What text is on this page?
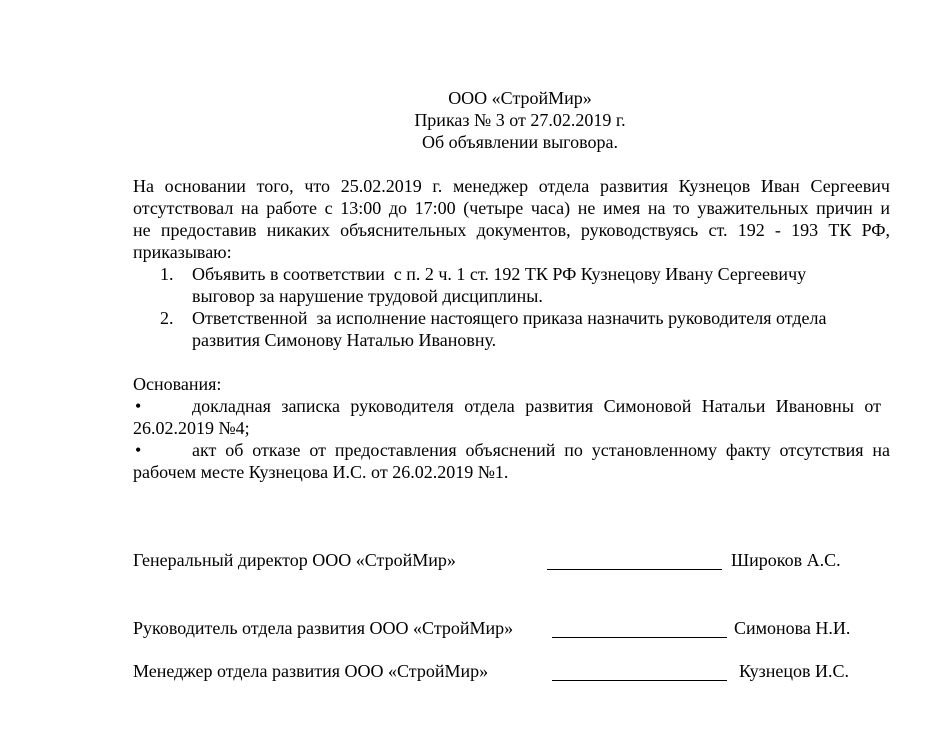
ООО «СтройМир»
Приказ № 3 от 27.02.2019 г.
Об объявлении выговора.
На основании того, что 25.02.2019 г. менеджер отдела развития Кузнецов Иван Сергеевич
отсутствовал на работе с 13:00 до 17:00 (четыре часа) не имея на то уважительных причин и
не предоставив никаких объяснительных документов, руководствуясь ст. 192 - 193 ТК РФ,
приказываю:
1. Объявить в соответствии  с п. 2 ч. 1 ст. 192 ТК РФ Кузнецову Ивану Сергеевичу
выговор за нарушение трудовой дисциплины.
2. Ответственной  за исполнение настоящего приказа назначить руководителя отдела
развития Симонову Наталью Ивановну.
Основания:
•	докладная записка руководителя отдела развития Симоновой Натальи Ивановны от
26.02.2019 №4;
•	акт об отказе от предоставления объяснений по установленному факту отсутствия на
рабочем месте Кузнецова И.С. от 26.02.2019 №1.
Генеральный директор ООО «СтройМир»	Широков А.С.
Руководитель отдела развития ООО «СтройМир»	Симонова Н.И.
Менеджер отдела развития ООО «СтройМир»	Кузнецов И.С.
